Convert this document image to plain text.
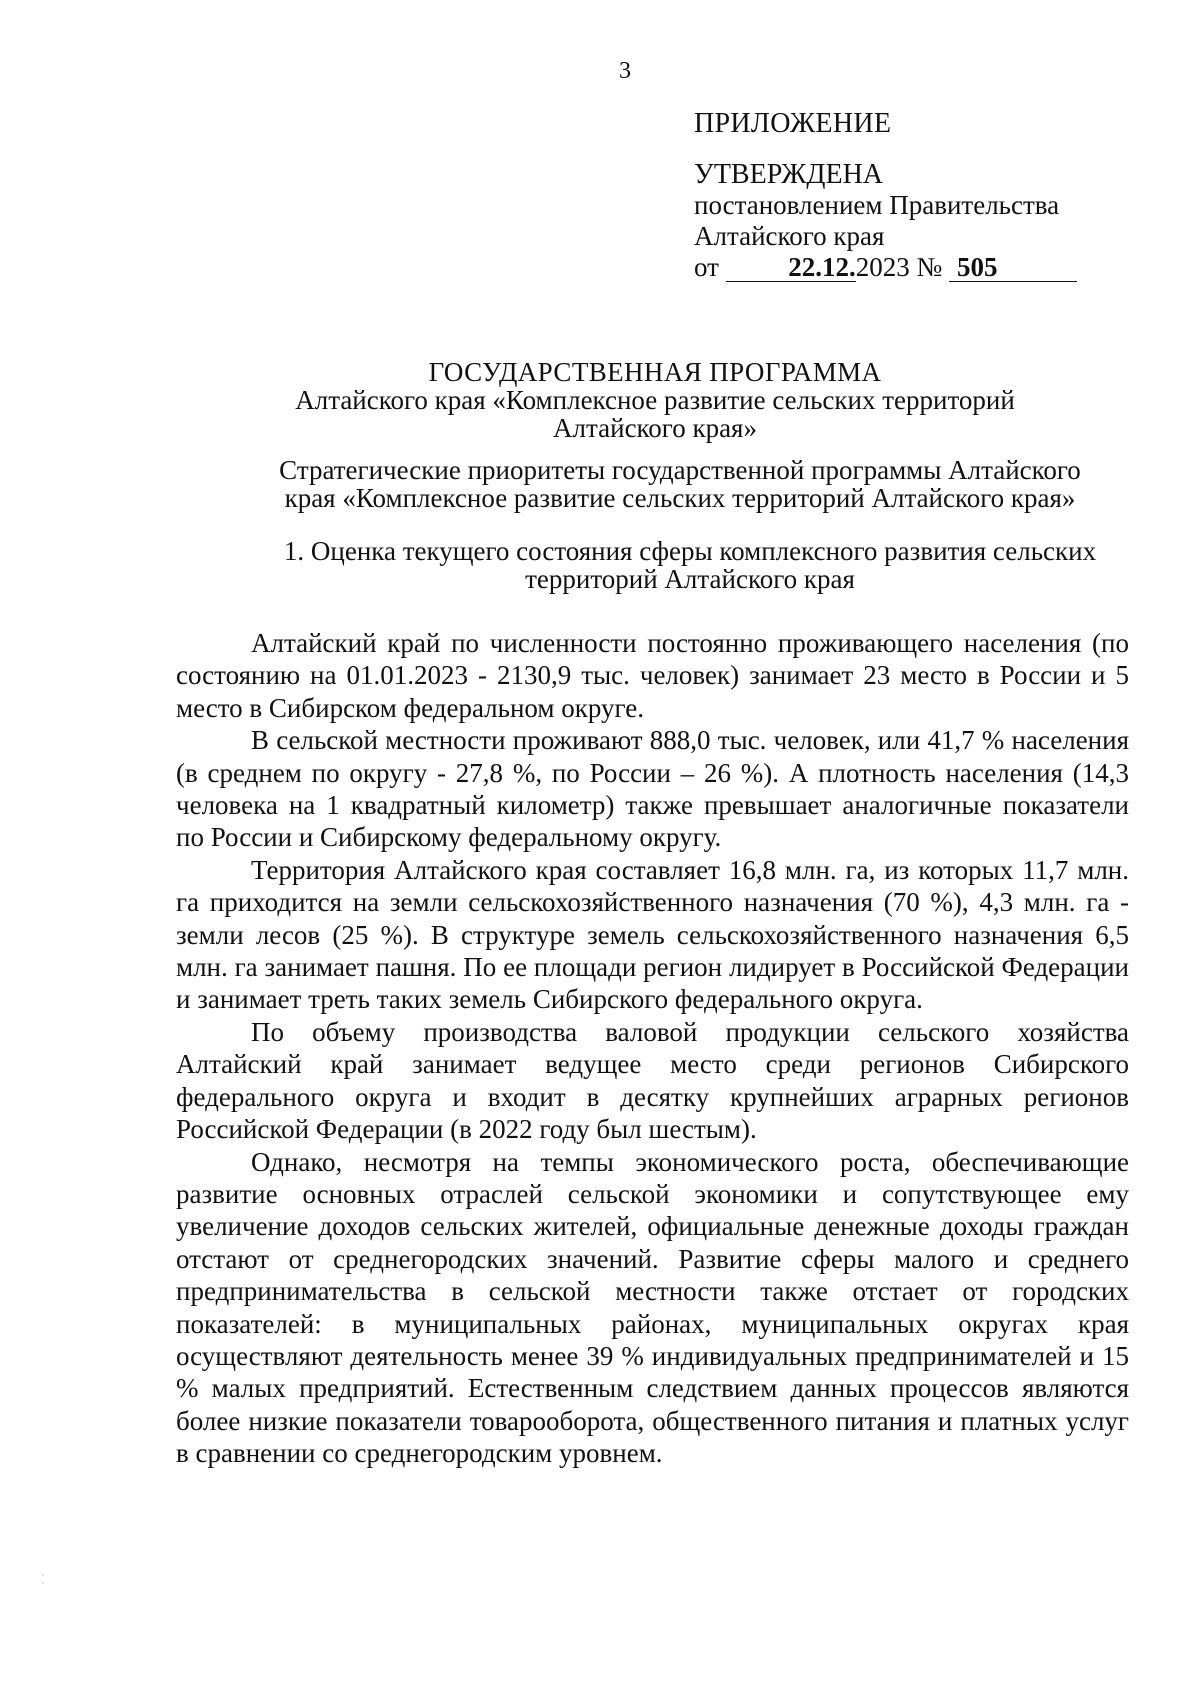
3
ПРИЛОЖЕНИЕ
УТВЕРЖДЕНА
постановлением Правительства
Алтайского края
от	22.12.2023 № 505
ГОСУДАРСТВЕННАЯ ПРОГРАММА
Алтайского края «Комплексное развитие сельских территорий
Алтайского края»
Стратегические приоритеты государственной программы Алтайского
края «Комплексное развитие сельских территорий Алтайского края»
1. Оценка текущего состояния сферы комплексного развития сельских
территорий Алтайского края

Алтайский край по численности постоянно проживающего населения (по состоянию на 01.01.2023 - 2130,9 тыс. человек) занимает 23 место в России и 5 место в Сибирском федеральном округе.

В сельской местности проживают 888,0 тыс. человек, или 41,7 % населения (в среднем по округу - 27,8 %, по России – 26 %). А плотность населения (14,3 человека на 1 квадратный километр) также превышает аналогичные показатели по России и Сибирскому федеральному округу.

Территория Алтайского края составляет 16,8 млн. га, из которых 11,7 млн. га приходится на земли сельскохозяйственного назначения (70 %), 4,3 млн. га - земли лесов (25 %). В структуре земель сельскохозяйственного назначения 6,5 млн. га занимает пашня. По ее площади регион лидирует в Российской Федерации и занимает треть таких земель Сибирского федерального округа.

По объему производства валовой продукции сельского хозяйства Алтайский край занимает ведущее место среди регионов Сибирского федерального округа и входит в десятку крупнейших аграрных регионов Российской Федерации (в 2022 году был шестым).

Однако, несмотря на темпы экономического роста, обеспечивающие развитие основных отраслей сельской экономики и сопутствующее ему увеличение доходов сельских жителей, официальные денежные доходы граждан отстают от среднегородских значений. Развитие сферы малого и среднего предпринимательства в сельской местности также отстает от городских показателей: в муниципальных районах, муниципальных округах края осуществляют деятельность менее 39 % индивидуальных предпринимателей и 15 % малых предприятий. Естественным следствием данных процессов являются более низкие показатели товарооборота, общественного питания и платных услуг в сравнении со среднегородским уровнем.
